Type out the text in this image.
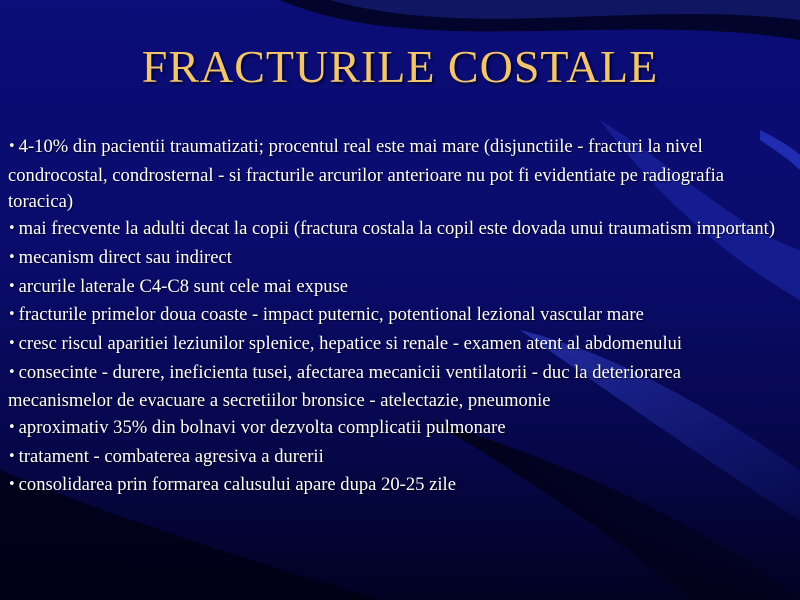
FRACTURILE COSTALE

• 4-10% din pacientii traumatizati; procentul real este mai mare (disjunctiile - fracturi la nivel condrocostal, condrosternal - si fracturile arcurilor anterioare nu pot fi evidentiate pe radiografia toracica)

• mai frecvente la adulti decat la copii (fractura costala la copil este dovada unui traumatism important)

• mecanism direct sau indirect

• arcurile laterale C4-C8 sunt cele mai expuse

• fracturile primelor doua coaste - impact puternic, potentional lezional vascular mare

• cresc riscul aparitiei leziunilor splenice, hepatice si renale - examen atent al abdomenului

• consecinte - durere, ineficienta tusei, afectarea mecanicii ventilatorii - duc la deteriorarea mecanismelor de evacuare a secretiilor bronsice - atelectazie, pneumonie

• aproximativ 35% din bolnavi vor dezvolta complicatii pulmonare

• tratament - combaterea agresiva a durerii

• consolidarea prin formarea calusului apare dupa 20-25 zile
